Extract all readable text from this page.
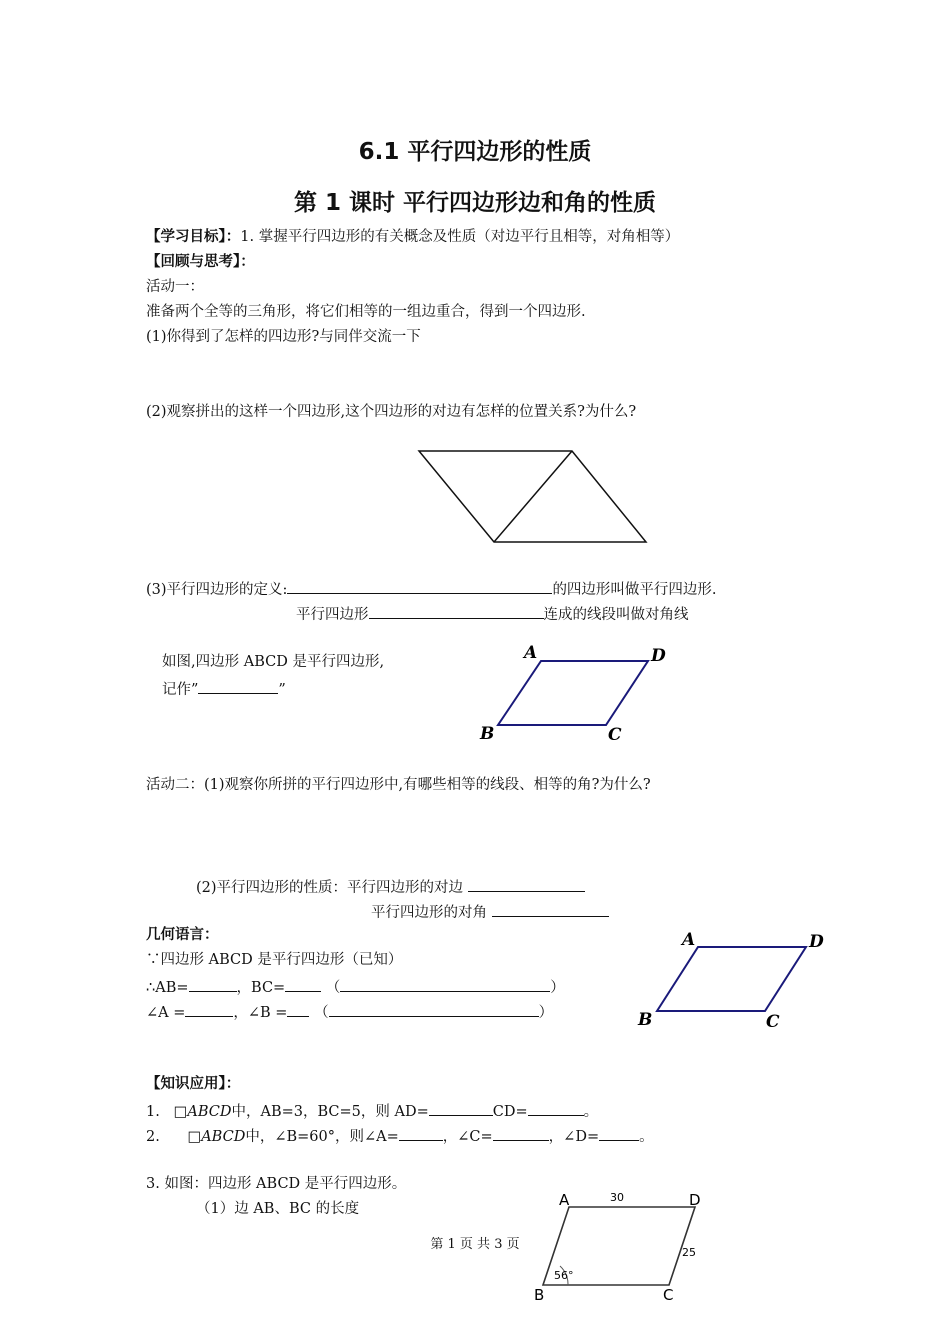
6.1 平行四边形的性质
第 1 课时 平行四边形边和角的性质
【学习目标】：1. 掌握平行四边形的有关概念及性质（对边平行且相等，对角相等）
【回顾与思考】：
活动一：
准备两个全等的三角形，将它们相等的一组边重合，得到一个四边形.
(1)你得到了怎样的四边形?与同伴交流一下
(2)观察拼出的这样一个四边形,这个四边形的对边有怎样的位置关系?为什么?
(3)平行四边形的定义:	的四边形叫做平行四边形.
平行四边形	连成的线段叫做对角线
如图,四边形 ABCD 是平行四边形,
记作”	”
A	D
B	C
活动二：(1)观察你所拼的平行四边形中,有哪些相等的线段、相等的角?为什么?
(2)平行四边形的性质：平行四边形的对边
平行四边形的对角
几何语言：
∵四边形 ABCD 是平行四边形（已知）
∴AB=	，BC=	（	）
∠A =	，∠B = （	）
A	D
B	C
【知识应用】：
1. □ABCD中，AB=3，BC=5，则 AD=	CD=	。
2. □ABCD中，∠B=60°，则∠A=	，∠C=	，∠D=	。
3. 如图：四边形 ABCD 是平行四边形。
（1）边 AB、BC 的长度	A	D
B	C
30
25
56°
第 1 页 共 3 页
